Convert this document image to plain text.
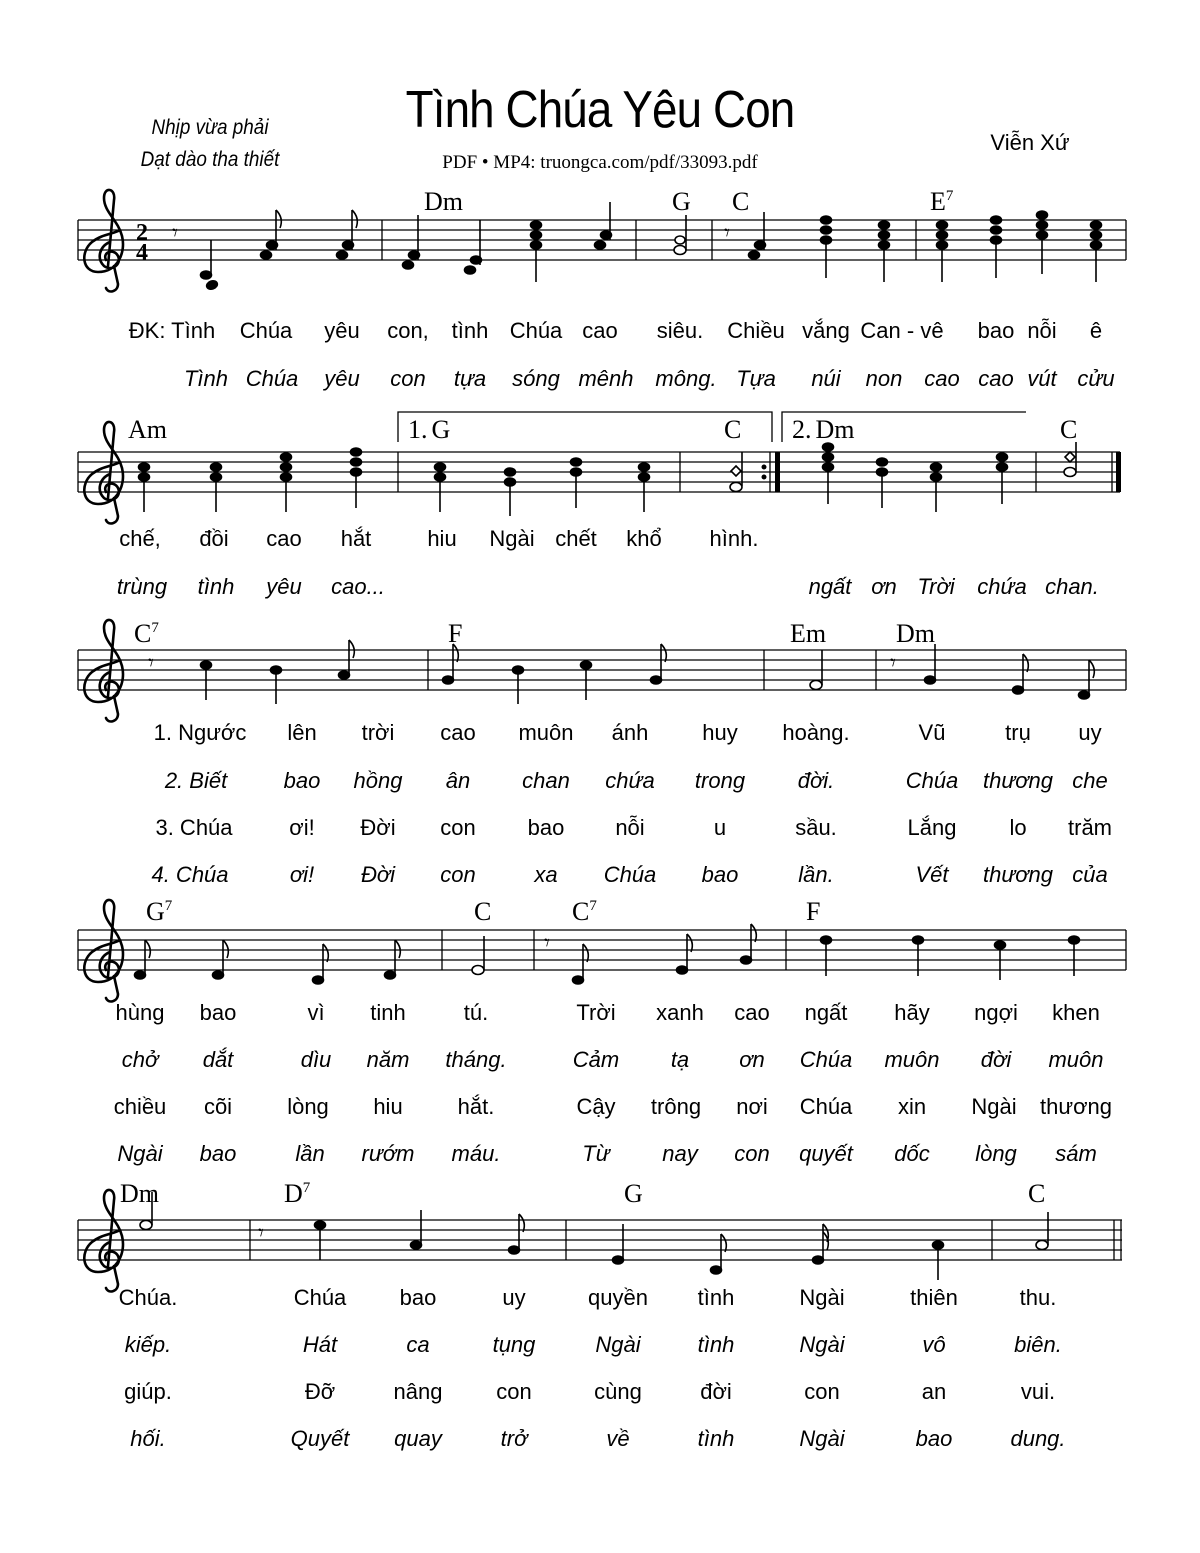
Tình Chúa Yêu Con
PDF • MP4: truongca.com/pdf/33093.pdf
Nhịp vừa phải
Dạt dào tha thiết
Viễn Xứ
2
4
𝄾	𝄾
Dm	G C	$E^7$
ĐK: Tình Chúa yêu con, tình Chúa cao siêu. Chiều vắng Can - vê bao nỗi ê
Tình Chúa yêu con tựa sóng mênh mông. Tựa núi non cao cao vút cửu
Am	1. G	C 2. Dm	C
chế, đồi cao hắt	hiu Ngài chết khổ hình.
trùng tình yêu cao...	ngất ơn Trời chứa chan.
𝄾	𝄾
$C^7$	F	Em	Dm
1. Ngước lên trời cao muôn ánh huy hoàng.	Vũ	trụ uy
2. Biết	bao hồng ân chan chứa trong đời.	Chúa thương che
3. Chúa	ơi! Đời con bao nỗi	u	sầu.	Lắng lo trăm
4. Chúa	ơi! Đời con	xa Chúa bao	lần.	Vết thương của
𝄾
$G^7$	C	$C^7$	F
hùng bao	vì tinh	tú.	Trời xanh cao ngất hãy ngợi khen
chở dắt	dìu năm tháng.	Cảm tạ ơn Chúa muôn đời muôn
chiều cõi	lòng hiu hắt.	Cậy trông nơi Chúa xin Ngài thương
Ngài bao	lần rướm máu.	Từ nay con quyết dốc lòng sám
𝄾
Dm	$D^7$	G	C
Chúa.	Chúa bao	uy	quyền tình	Ngài	thiên	thu.
kiếp.	Hát	ca	tụng	Ngài	tình	Ngài	vô	biên.
giúp.	Đỡ	nâng con	cùng	đời	con	an	vui.
hối.	Quyết quay	trở	về	tình	Ngài	bao	dung.
